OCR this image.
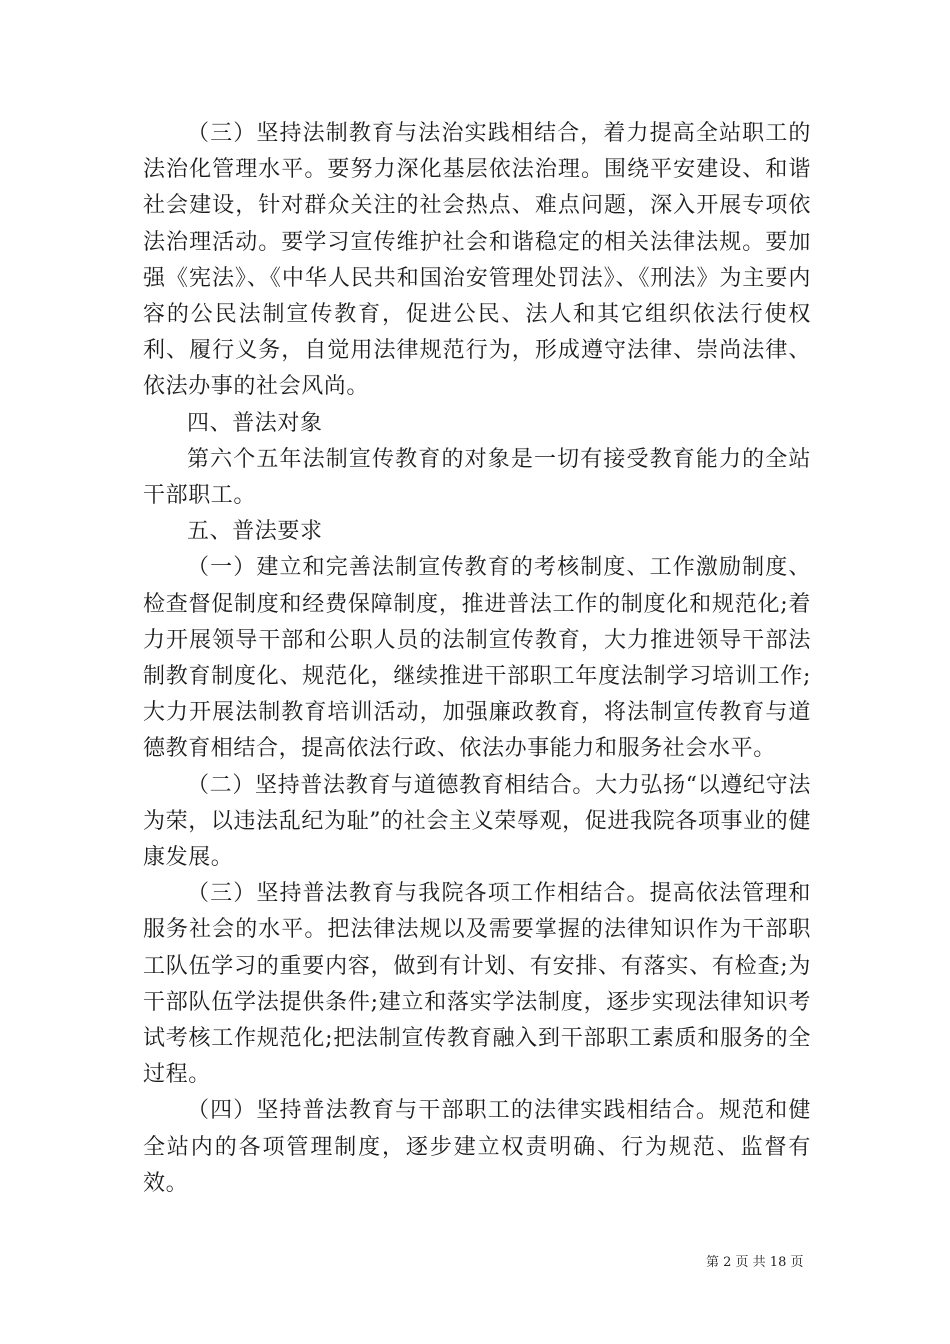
（三）坚持法制教育与法治实践相结合，着力提高全站职工的法治化管理水平。要努力深化基层依法治理。围绕平安建设、和谐社会建设，针对群众关注的社会热点、难点问题，深入开展专项依法治理活动。要学习宣传维护社会和谐稳定的相关法律法规。要加强《宪法》、《中华人民共和国治安管理处罚法》、《刑法》为主要内容的公民法制宣传教育，促进公民、法人和其它组织依法行使权利、履行义务，自觉用法律规范行为，形成遵守法律、崇尚法律、依法办事的社会风尚。

四、普法对象

第六个五年法制宣传教育的对象是一切有接受教育能力的全站干部职工。

五、普法要求

（一）建立和完善法制宣传教育的考核制度、工作激励制度、检查督促制度和经费保障制度，推进普法工作的制度化和规范化;着力开展领导干部和公职人员的法制宣传教育，大力推进领导干部法制教育制度化、规范化，继续推进干部职工年度法制学习培训工作;大力开展法制教育培训活动，加强廉政教育，将法制宣传教育与道德教育相结合，提高依法行政、依法办事能力和服务社会水平。

（二）坚持普法教育与道德教育相结合。大力弘扬“以遵纪守法为荣，以违法乱纪为耻”的社会主义荣辱观，促进我院各项事业的健康发展。

（三）坚持普法教育与我院各项工作相结合。提高依法管理和服务社会的水平。把法律法规以及需要掌握的法律知识作为干部职工队伍学习的重要内容，做到有计划、有安排、有落实、有检查;为干部队伍学法提供条件;建立和落实学法制度，逐步实现法律知识考试考核工作规范化;把法制宣传教育融入到干部职工素质和服务的全过程。

（四）坚持普法教育与干部职工的法律实践相结合。规范和健全站内的各项管理制度，逐步建立权责明确、行为规范、监督有效。

第 2 页 共 18 页
